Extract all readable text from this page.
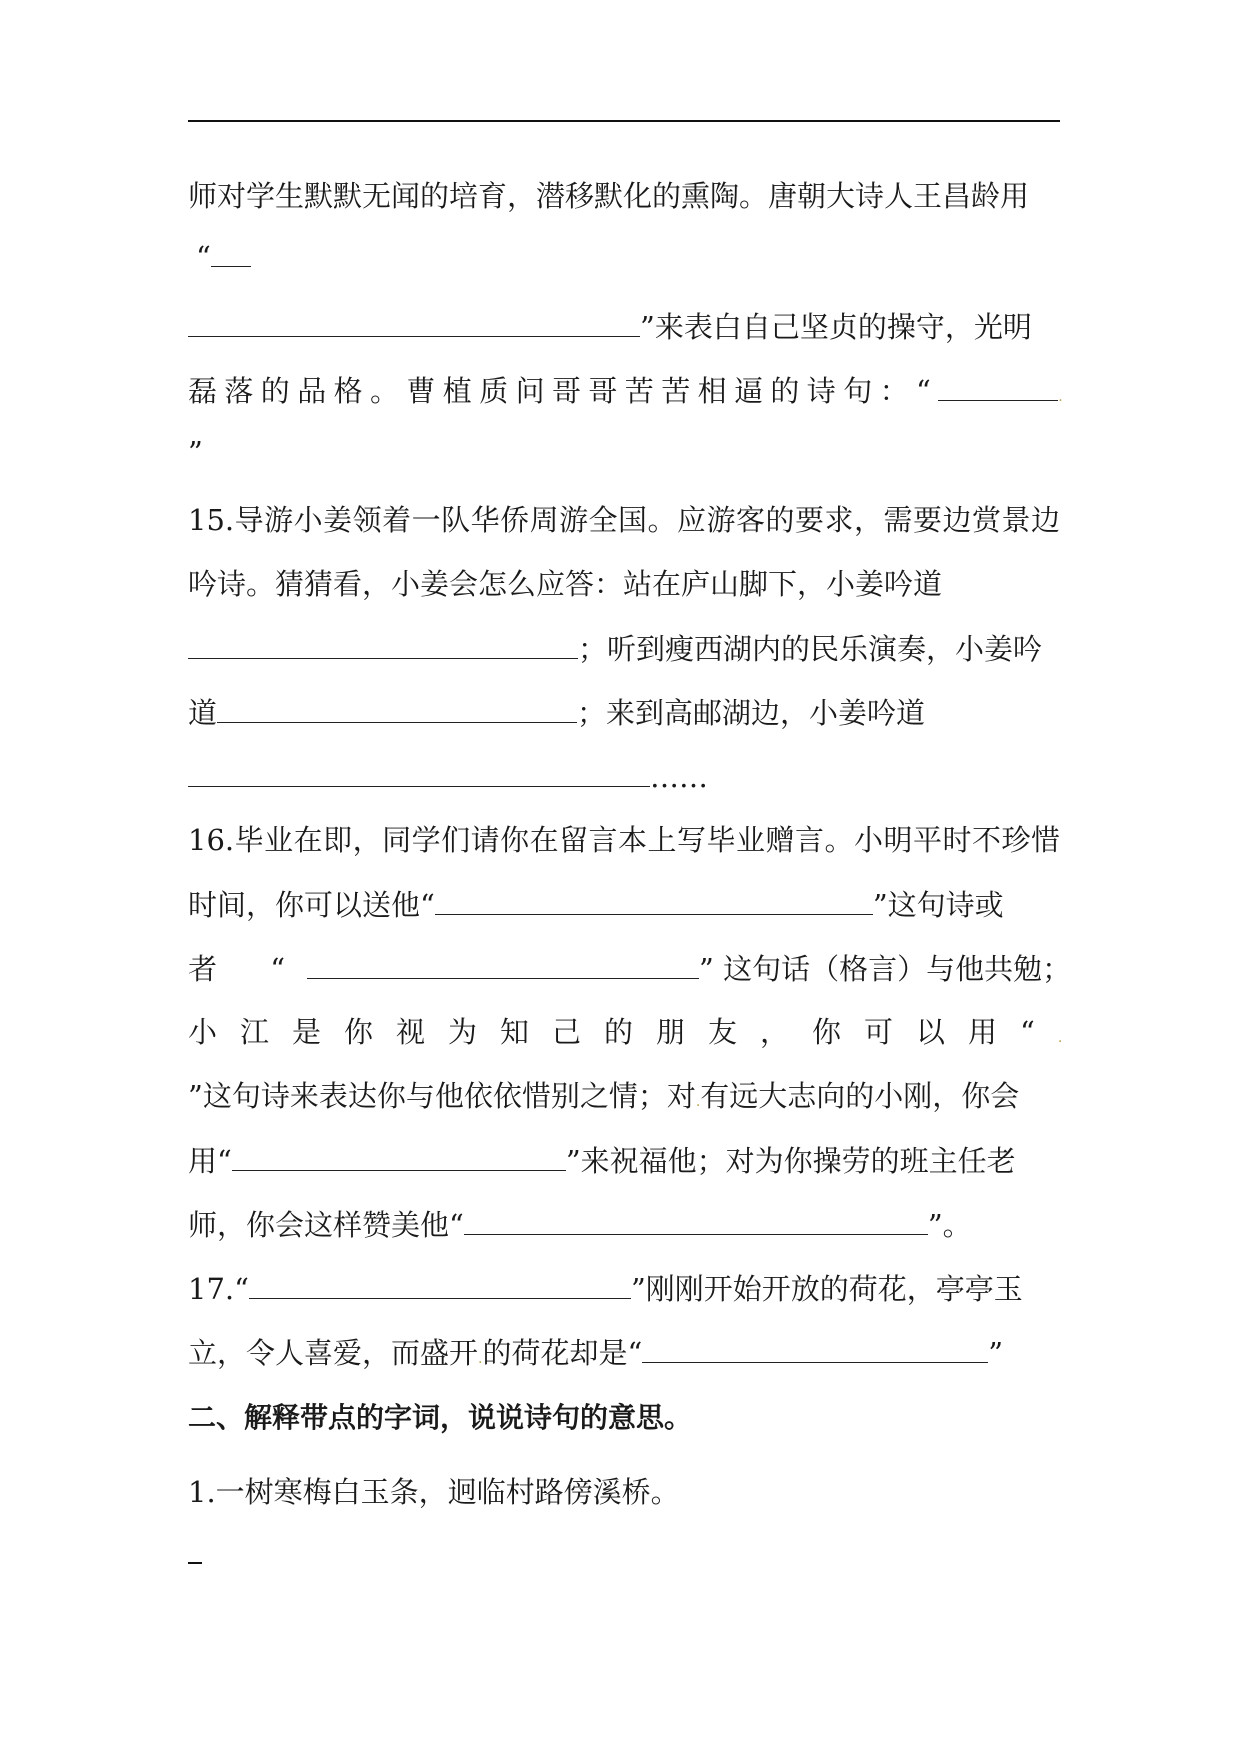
师对学生默默无闻的培育，潜移默化的熏陶。唐朝大诗人王昌龄用
“
”来表白自己坚贞的操守，光明
磊落的品格。曹植质问哥哥苦苦相逼的诗句：“	.
”
15.导游小姜领着一队华侨周游全国。应游客的要求，需要边赏景边
吟诗。猜猜看，小姜会怎么应答：站在庐山脚下，小姜吟道
；听到瘦西湖内的民乐演奏，小姜吟
道	；来到高邮湖边，小姜吟道
……
16.毕业在即，同学们请你在留言本上写毕业赠言。小明平时不珍惜
时间，你可以送他“	”这句诗或
者 “	” 这句话（格言）与他共勉；
小江是你视为知己的朋友，你可以用“.
”这句诗来表达你与他依依惜别之情；对.有远大志向的小刚，你会
用“	”来祝福他；对为你操劳的班主任老
师，你会这样赞美他“	”。
17.“	”刚刚开始开放的荷花，亭亭玉
立，令人喜爱，而盛开.的荷花却是“	”
二、解释带点的字词，说说诗句的意思。
1.一树寒梅白玉条，迥临村路傍溪桥。
